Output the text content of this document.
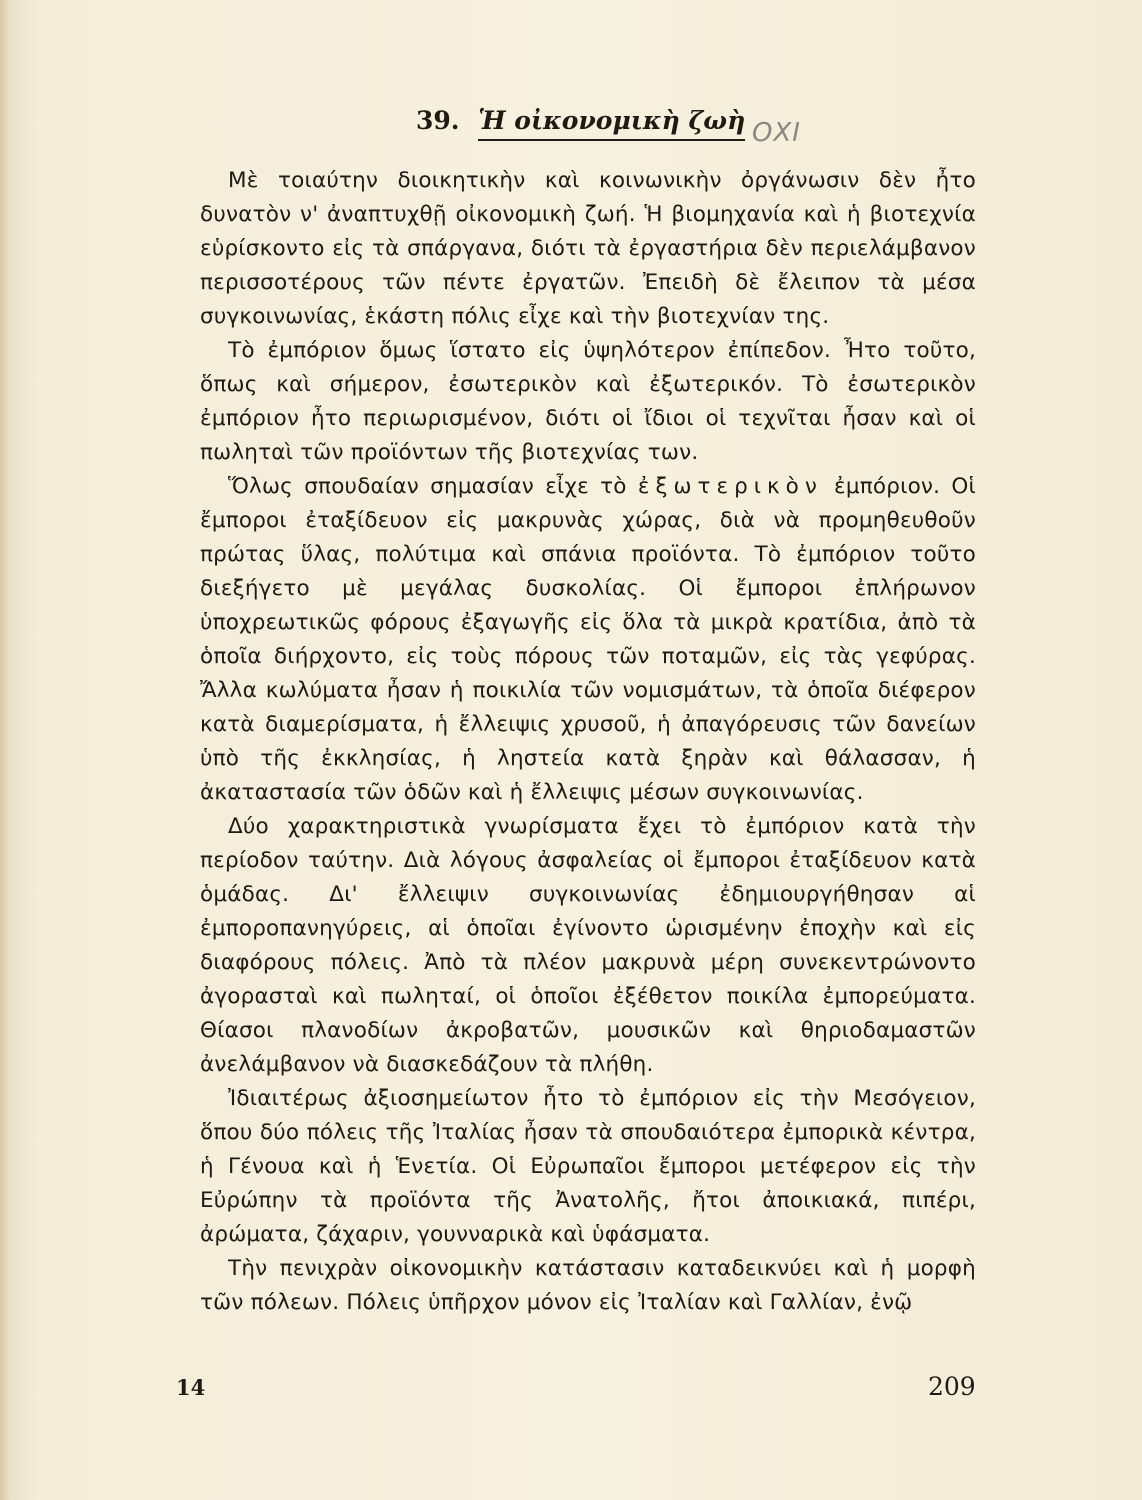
39. Ἡ οἰκονομικὴ ζωὴ ΟΧΙ

Μὲ τοιαύτην διοικητικὴν καὶ κοινωνικὴν ὀργάνωσιν δὲν ἦτο δυνατὸν ν' ἀναπτυχθῇ οἰκονομικὴ ζωή. Ἡ βιομηχανία καὶ ἡ βιοτεχνία εὑρίσκοντο εἰς τὰ σπάργανα, διότι τὰ ἐργαστήρια δὲν περιελάμβανον περισσοτέρους τῶν πέντε ἐργατῶν. Ἐπειδὴ δὲ ἔλειπον τὰ μέσα συγκοινωνίας, ἑκάστη πόλις εἶχε καὶ τὴν βιοτεχνίαν της.

Τὸ ἐμπόριον ὅμως ἵστατο εἰς ὑψηλότερον ἐπίπεδον. Ἦτο τοῦτο, ὅπως καὶ σήμερον, ἐσωτερικὸν καὶ ἐξωτερικόν. Τὸ ἐσωτερικὸν ἐμπόριον ἦτο περιωρισμένον, διότι οἱ ἴδιοι οἱ τεχνῖται ἦσαν καὶ οἱ πωληταὶ τῶν προϊόντων τῆς βιοτεχνίας των.

Ὅλως σπουδαίαν σημασίαν εἶχε τὸ ἐξωτερικὸν ἐμπόριον. Οἱ ἔμποροι ἐταξίδευον εἰς μακρυνὰς χώρας, διὰ νὰ προμηθευθοῦν πρώτας ὕλας, πολύτιμα καὶ σπάνια προϊόντα. Τὸ ἐμπόριον τοῦτο διεξήγετο μὲ μεγάλας δυσκολίας. Οἱ ἔμποροι ἐπλήρωνον ὑποχρεωτικῶς φόρους ἐξαγωγῆς εἰς ὅλα τὰ μικρὰ κρατίδια, ἀπὸ τὰ ὁποῖα διήρχοντο, εἰς τοὺς πόρους τῶν ποταμῶν, εἰς τὰς γεφύρας. Ἄλλα κωλύματα ἦσαν ἡ ποικιλία τῶν νομισμάτων, τὰ ὁποῖα διέφερον κατὰ διαμερίσματα, ἡ ἔλλειψις χρυσοῦ, ἡ ἀπαγόρευσις τῶν δανείων ὑπὸ τῆς ἐκκλησίας, ἡ ληστεία κατὰ ξηρὰν καὶ θάλασσαν, ἡ ἀκαταστασία τῶν ὁδῶν καὶ ἡ ἔλλειψις μέσων συγκοινωνίας.

Δύο χαρακτηριστικὰ γνωρίσματα ἔχει τὸ ἐμπόριον κατὰ τὴν περίοδον ταύτην. Διὰ λόγους ἀσφαλείας οἱ ἔμποροι ἐταξίδευον κατὰ ὁμάδας. Δι' ἔλλειψιν συγκοινωνίας ἐδημιουργήθησαν αἱ ἐμποροπανηγύρεις, αἱ ὁποῖαι ἐγίνοντο ὡρισμένην ἐποχὴν καὶ εἰς διαφόρους πόλεις. Ἀπὸ τὰ πλέον μακρυνὰ μέρη συνεκεντρώνοντο ἀγορασταὶ καὶ πωληταί, οἱ ὁποῖοι ἐξέθετον ποικίλα ἐμπορεύματα. Θίασοι πλανοδίων ἀκροβατῶν, μουσικῶν καὶ θηριοδαμαστῶν ἀνελάμβανον νὰ διασκεδάζουν τὰ πλήθη.

Ἰδιαιτέρως ἀξιοσημείωτον ἦτο τὸ ἐμπόριον εἰς τὴν Μεσόγειον, ὅπου δύο πόλεις τῆς Ἰταλίας ἦσαν τὰ σπουδαιότερα ἐμπορικὰ κέντρα, ἡ Γένουα καὶ ἡ Ἑνετία. Οἱ Εὐρωπαῖοι ἔμποροι μετέφερον εἰς τὴν Εὐρώπην τὰ προϊόντα τῆς Ἀνατολῆς, ἤτοι ἀποικιακά, πιπέρι, ἀρώματα, ζάχαριν, γουνναρικὰ καὶ ὑφάσματα.

Τὴν πενιχρὰν οἰκονομικὴν κατάστασιν καταδεικνύει καὶ ἡ μορφὴ τῶν πόλεων. Πόλεις ὑπῆρχον μόνον εἰς Ἰταλίαν καὶ Γαλλίαν, ἐνῷ

14	209
